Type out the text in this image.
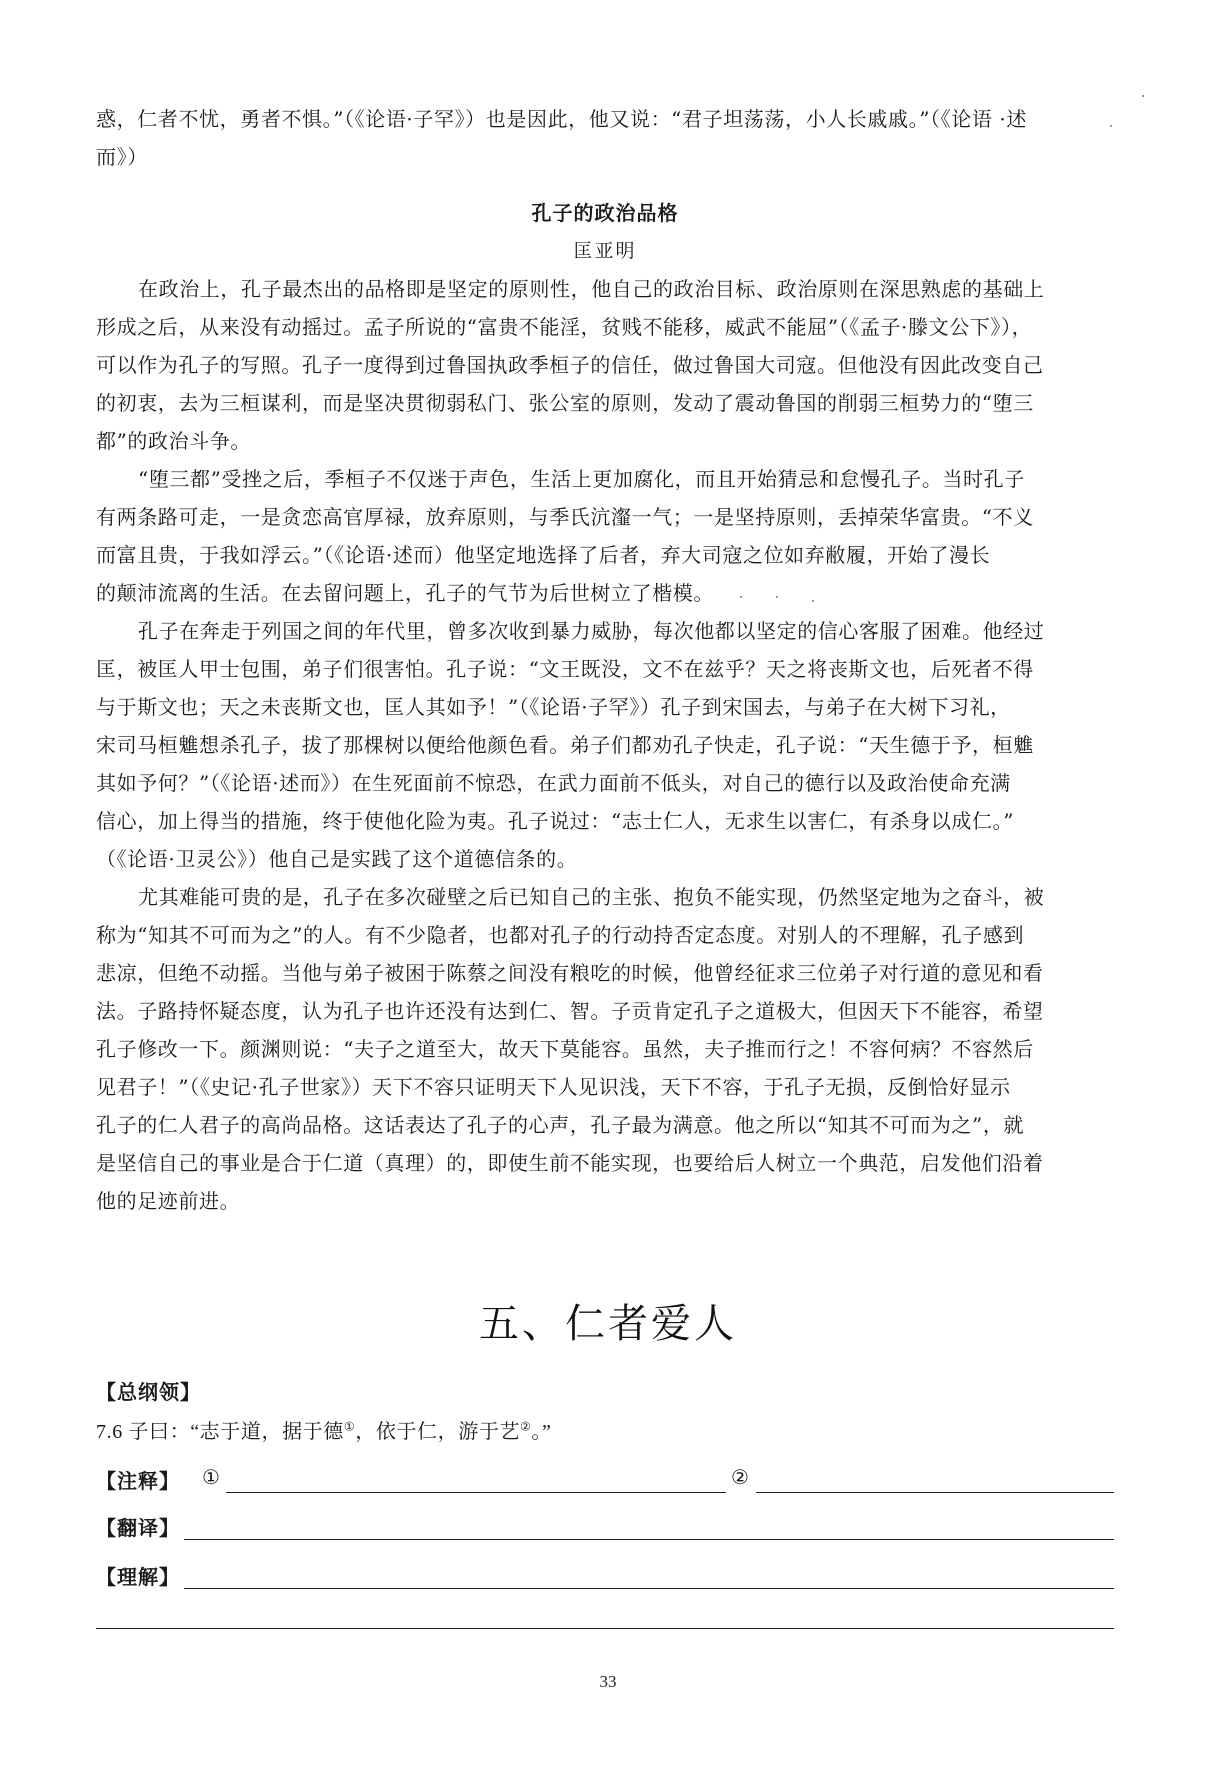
惑，仁者不忧，勇者不惧。”（《论语·子罕》）也是因此，他又说：“君子坦荡荡，小人长戚戚。”（《论语 ·述
而》）
孔子的政治品格
匡亚明
在政治上，孔子最杰出的品格即是坚定的原则性，他自己的政治目标、政治原则在深思熟虑的基础上
形成之后，从来没有动摇过。孟子所说的“富贵不能淫，贫贱不能移，威武不能屈”（《孟子·滕文公下》），
可以作为孔子的写照。孔子一度得到过鲁国执政季桓子的信任，做过鲁国大司寇。但他没有因此改变自己
的初衷，去为三桓谋利，而是坚决贯彻弱私门、张公室的原则，发动了震动鲁国的削弱三桓势力的“堕三
都”的政治斗争。
“堕三都”受挫之后，季桓子不仅迷于声色，生活上更加腐化，而且开始猜忌和怠慢孔子。当时孔子
有两条路可走，一是贪恋高官厚禄，放弃原则，与季氏沆瀣一气；一是坚持原则，丢掉荣华富贵。“不义
而富且贵，于我如浮云。”（《论语·述而）他坚定地选择了后者，弃大司寇之位如弃敝履，开始了漫长
的颠沛流离的生活。在去留问题上，孔子的气节为后世树立了楷模。
孔子在奔走于列国之间的年代里，曾多次收到暴力威胁，每次他都以坚定的信心客服了困难。他经过
匡，被匡人甲士包围，弟子们很害怕。孔子说：“文王既没，文不在兹乎？天之将丧斯文也，后死者不得
与于斯文也；天之未丧斯文也，匡人其如予！”（《论语·子罕》）孔子到宋国去，与弟子在大树下习礼，
宋司马桓魋想杀孔子，拔了那棵树以便给他颜色看。弟子们都劝孔子快走，孔子说：“天生德于予，桓魋
其如予何？”（《论语·述而》）在生死面前不惊恐，在武力面前不低头，对自己的德行以及政治使命充满
信心，加上得当的措施，终于使他化险为夷。孔子说过：“志士仁人，无求生以害仁，有杀身以成仁。”
（《论语·卫灵公》）他自己是实践了这个道德信条的。
尤其难能可贵的是，孔子在多次碰壁之后已知自己的主张、抱负不能实现，仍然坚定地为之奋斗，被
称为“知其不可而为之”的人。有不少隐者，也都对孔子的行动持否定态度。对别人的不理解，孔子感到
悲凉，但绝不动摇。当他与弟子被困于陈蔡之间没有粮吃的时候，他曾经征求三位弟子对行道的意见和看
法。子路持怀疑态度，认为孔子也许还没有达到仁、智。子贡肯定孔子之道极大，但因天下不能容，希望
孔子修改一下。颜渊则说：“夫子之道至大，故天下莫能容。虽然，夫子推而行之！不容何病？不容然后
见君子！”（《史记·孔子世家》）天下不容只证明天下人见识浅，天下不容，于孔子无损，反倒恰好显示
孔子的仁人君子的高尚品格。这话表达了孔子的心声，孔子最为满意。他之所以“知其不可而为之”，就
是坚信自己的事业是合于仁道（真理）的，即使生前不能实现，也要给后人树立一个典范，启发他们沿着
他的足迹前进。
五、仁者爱人
【总纲领】
7.6 子曰：“志于道，据于德①，依于仁，游于艺②。”
【注释】 ①	②
【翻译】
【理解】
33
